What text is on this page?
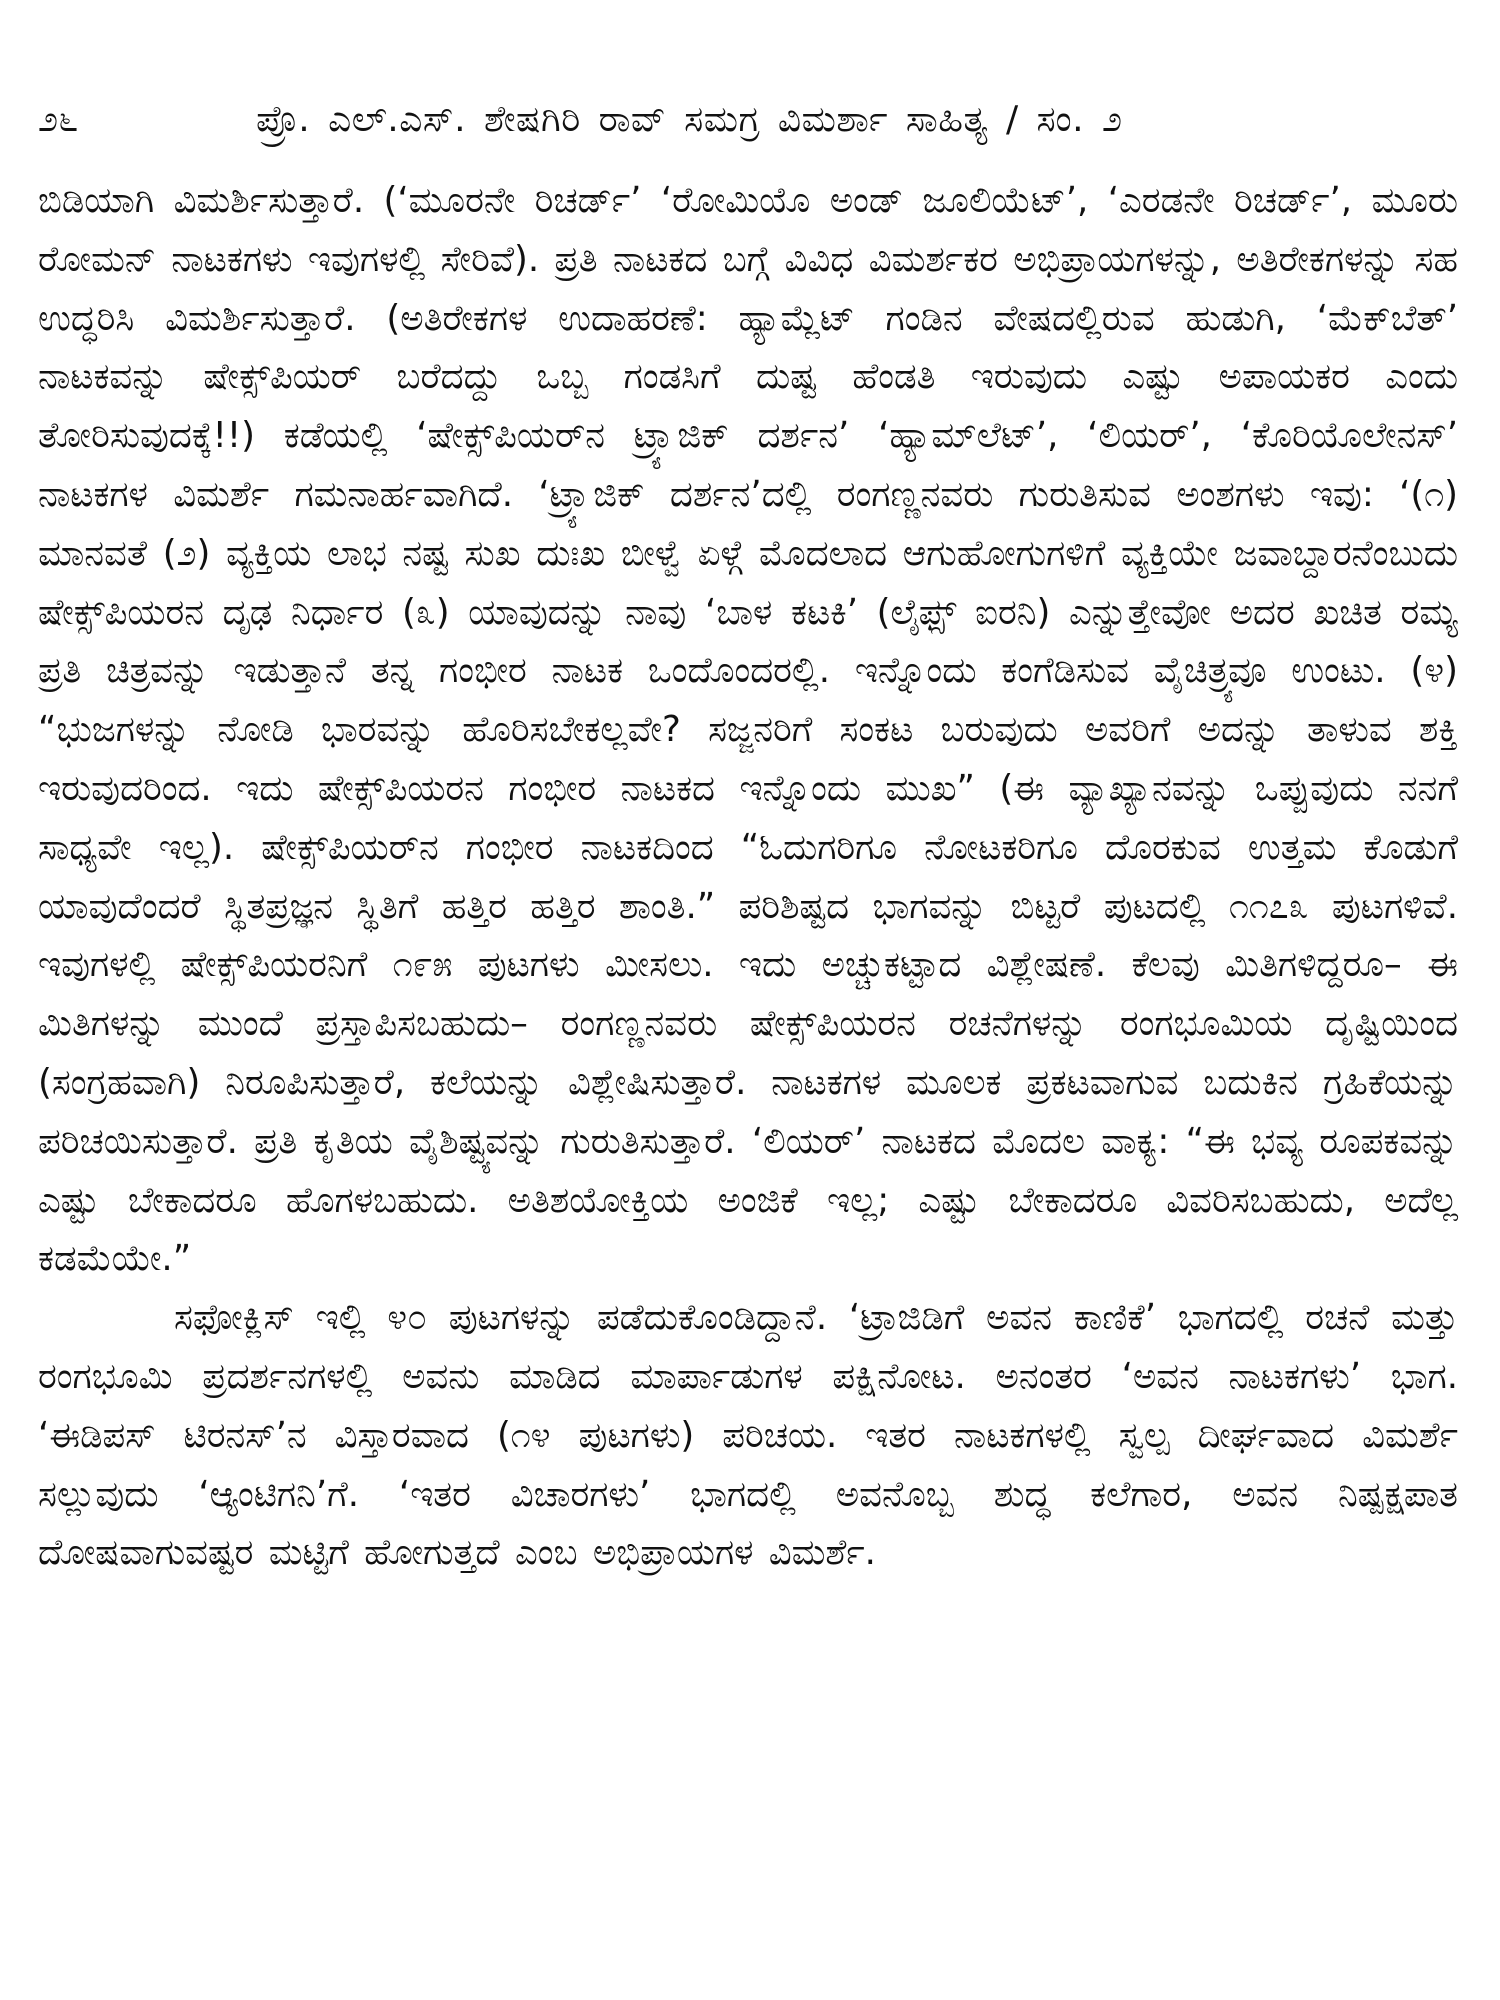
೨೬	ಪ್ರೊ. ಎಲ್.ಎಸ್. ಶೇಷಗಿರಿ ರಾವ್ ಸಮಗ್ರ ವಿಮರ್ಶಾ ಸಾಹಿತ್ಯ / ಸಂ. ೨

ಬಿಡಿಯಾಗಿ ವಿಮರ್ಶಿಸುತ್ತಾರೆ. (‘ಮೂರನೇ ರಿಚರ್ಡ್’ ‘ರೋಮಿಯೊ ಅಂಡ್ ಜೂಲಿಯೆಟ್’, ‘ಎರಡನೇ ರಿಚರ್ಡ್’, ಮೂರು ರೋಮನ್ ನಾಟಕಗಳು ಇವುಗಳಲ್ಲಿ ಸೇರಿವೆ). ಪ್ರತಿ ನಾಟಕದ ಬಗ್ಗೆ ವಿವಿಧ ವಿಮರ್ಶಕರ ಅಭಿಪ್ರಾಯಗಳನ್ನು, ಅತಿರೇಕಗಳನ್ನು ಸಹ ಉದ್ಧರಿಸಿ ವಿಮರ್ಶಿಸುತ್ತಾರೆ. (ಅತಿರೇಕಗಳ ಉದಾಹರಣೆ: ಹ್ಯಾಮ್ಲೆಟ್ ಗಂಡಿನ ವೇಷದಲ್ಲಿರುವ ಹುಡುಗಿ, ‘ಮೆಕ್‌ಬೆತ್’ ನಾಟಕವನ್ನು ಷೇಕ್ಸ್‌ಪಿಯರ್ ಬರೆದದ್ದು ಒಬ್ಬ ಗಂಡಸಿಗೆ ದುಷ್ಟ ಹೆಂಡತಿ ಇರುವುದು ಎಷ್ಟು ಅಪಾಯಕರ ಎಂದು ತೋರಿಸುವುದಕ್ಕೆ!!) ಕಡೆಯಲ್ಲಿ ‘ಷೇಕ್ಸ್‌ಪಿಯರ್‌ನ ಟ್ರ್ಯಾಜಿಕ್ ದರ್ಶನ’ ‘ಹ್ಯಾಮ್‌ಲೆಟ್’, ‘ಲಿಯರ್’, ‘ಕೊರಿಯೊಲೇನಸ್’ ನಾಟಕಗಳ ವಿಮರ್ಶೆ ಗಮನಾರ್ಹವಾಗಿದೆ. ‘ಟ್ರ್ಯಾಜಿಕ್ ದರ್ಶನ’ದಲ್ಲಿ ರಂಗಣ್ಣನವರು ಗುರುತಿಸುವ ಅಂಶಗಳು ಇವು: ‘(೧) ಮಾನವತೆ (೨) ವ್ಯಕ್ತಿಯ ಲಾಭ ನಷ್ಟ ಸುಖ ದುಃಖ ಬೀಳ್ವೆ ಏಳ್ಗೆ ಮೊದಲಾದ ಆಗುಹೋಗುಗಳಿಗೆ ವ್ಯಕ್ತಿಯೇ ಜವಾಬ್ದಾರನೆಂಬುದು ಷೇಕ್ಸ್‌ಪಿಯರನ ದೃಢ ನಿರ್ಧಾರ (೩) ಯಾವುದನ್ನು ನಾವು ‘ಬಾಳ ಕಟಕಿ’ (ಲೈಫ್ಸ್ ಐರನಿ) ಎನ್ನುತ್ತೇವೋ ಅದರ ಖಚಿತ ರಮ್ಯ ಪ್ರತಿ ಚಿತ್ರವನ್ನು ಇಡುತ್ತಾನೆ ತನ್ನ ಗಂಭೀರ ನಾಟಕ ಒಂದೊಂದರಲ್ಲಿ. ಇನ್ನೊಂದು ಕಂಗೆಡಿಸುವ ವೈಚಿತ್ರ್ಯವೂ ಉಂಟು. (೪) “ಭುಜಗಳನ್ನು ನೋಡಿ ಭಾರವನ್ನು ಹೊರಿಸಬೇಕಲ್ಲವೇ? ಸಜ್ಜನರಿಗೆ ಸಂಕಟ ಬರುವುದು ಅವರಿಗೆ ಅದನ್ನು ತಾಳುವ ಶಕ್ತಿ ಇರುವುದರಿಂದ. ಇದು ಷೇಕ್ಸ್‌ಪಿಯರನ ಗಂಭೀರ ನಾಟಕದ ಇನ್ನೊಂದು ಮುಖ” (ಈ ವ್ಯಾಖ್ಯಾನವನ್ನು ಒಪ್ಪುವುದು ನನಗೆ ಸಾಧ್ಯವೇ ಇಲ್ಲ). ಷೇಕ್ಸ್‌ಪಿಯರ್‌ನ ಗಂಭೀರ ನಾಟಕದಿಂದ “ಓದುಗರಿಗೂ ನೋಟಕರಿಗೂ ದೊರಕುವ ಉತ್ತಮ ಕೊಡುಗೆ ಯಾವುದೆಂದರೆ ಸ್ಥಿತಪ್ರಜ್ಞನ ಸ್ಥಿತಿಗೆ ಹತ್ತಿರ ಹತ್ತಿರ ಶಾಂತಿ.” ಪರಿಶಿಷ್ಟದ ಭಾಗವನ್ನು ಬಿಟ್ಟರೆ ಪುಟದಲ್ಲಿ ೧೧೭೩ ಪುಟಗಳಿವೆ. ಇವುಗಳಲ್ಲಿ ಷೇಕ್ಸ್‌ಪಿಯರನಿಗೆ ೧೯೫ ಪುಟಗಳು ಮೀಸಲು. ಇದು ಅಚ್ಚುಕಟ್ಟಾದ ವಿಶ್ಲೇಷಣೆ. ಕೆಲವು ಮಿತಿಗಳಿದ್ದರೂ– ಈ ಮಿತಿಗಳನ್ನು ಮುಂದೆ ಪ್ರಸ್ತಾಪಿಸಬಹುದು– ರಂಗಣ್ಣನವರು ಷೇಕ್ಸ್‌ಪಿಯರನ ರಚನೆಗಳನ್ನು ರಂಗಭೂಮಿಯ ದೃಷ್ಟಿಯಿಂದ (ಸಂಗ್ರಹವಾಗಿ) ನಿರೂಪಿಸುತ್ತಾರೆ, ಕಲೆಯನ್ನು ವಿಶ್ಲೇಷಿಸುತ್ತಾರೆ. ನಾಟಕಗಳ ಮೂಲಕ ಪ್ರಕಟವಾಗುವ ಬದುಕಿನ ಗ್ರಹಿಕೆಯನ್ನು ಪರಿಚಯಿಸುತ್ತಾರೆ. ಪ್ರತಿ ಕೃತಿಯ ವೈಶಿಷ್ಟ್ಯವನ್ನು ಗುರುತಿಸುತ್ತಾರೆ. ‘ಲಿಯರ್’ ನಾಟಕದ ಮೊದಲ ವಾಕ್ಯ: “ಈ ಭವ್ಯ ರೂಪಕವನ್ನು ಎಷ್ಟು ಬೇಕಾದರೂ ಹೊಗಳಬಹುದು. ಅತಿಶಯೋಕ್ತಿಯ ಅಂಜಿಕೆ ಇಲ್ಲ; ಎಷ್ಟು ಬೇಕಾದರೂ ವಿವರಿಸಬಹುದು, ಅದೆಲ್ಲ ಕಡಮೆಯೇ.”

ಸಫೋಕ್ಲಿಸ್ ಇಲ್ಲಿ ೪೦ ಪುಟಗಳನ್ನು ಪಡೆದುಕೊಂಡಿದ್ದಾನೆ. ‘ಟ್ರಾಜಿಡಿಗೆ ಅವನ ಕಾಣಿಕೆ’ ಭಾಗದಲ್ಲಿ ರಚನೆ ಮತ್ತು ರಂಗಭೂಮಿ ಪ್ರದರ್ಶನಗಳಲ್ಲಿ ಅವನು ಮಾಡಿದ ಮಾರ್ಪಾಡುಗಳ ಪಕ್ಷಿನೋಟ. ಅನಂತರ ‘ಅವನ ನಾಟಕಗಳು’ ಭಾಗ. ‘ಈಡಿಪಸ್ ಟಿರನಸ್’ನ ವಿಸ್ತಾರವಾದ (೧೪ ಪುಟಗಳು) ಪರಿಚಯ. ಇತರ ನಾಟಕಗಳಲ್ಲಿ ಸ್ವಲ್ಪ ದೀರ್ಘವಾದ ವಿಮರ್ಶೆ ಸಲ್ಲುವುದು ‘ಆ್ಯಂಟಿಗನಿ’ಗೆ. ‘ಇತರ ವಿಚಾರಗಳು’ ಭಾಗದಲ್ಲಿ ಅವನೊಬ್ಬ ಶುದ್ಧ ಕಲೆಗಾರ, ಅವನ ನಿಷ್ಪಕ್ಷಪಾತ ದೋಷವಾಗುವಷ್ಟರ ಮಟ್ಟಿಗೆ ಹೋಗುತ್ತದೆ ಎಂಬ ಅಭಿಪ್ರಾಯಗಳ ವಿಮರ್ಶೆ.
